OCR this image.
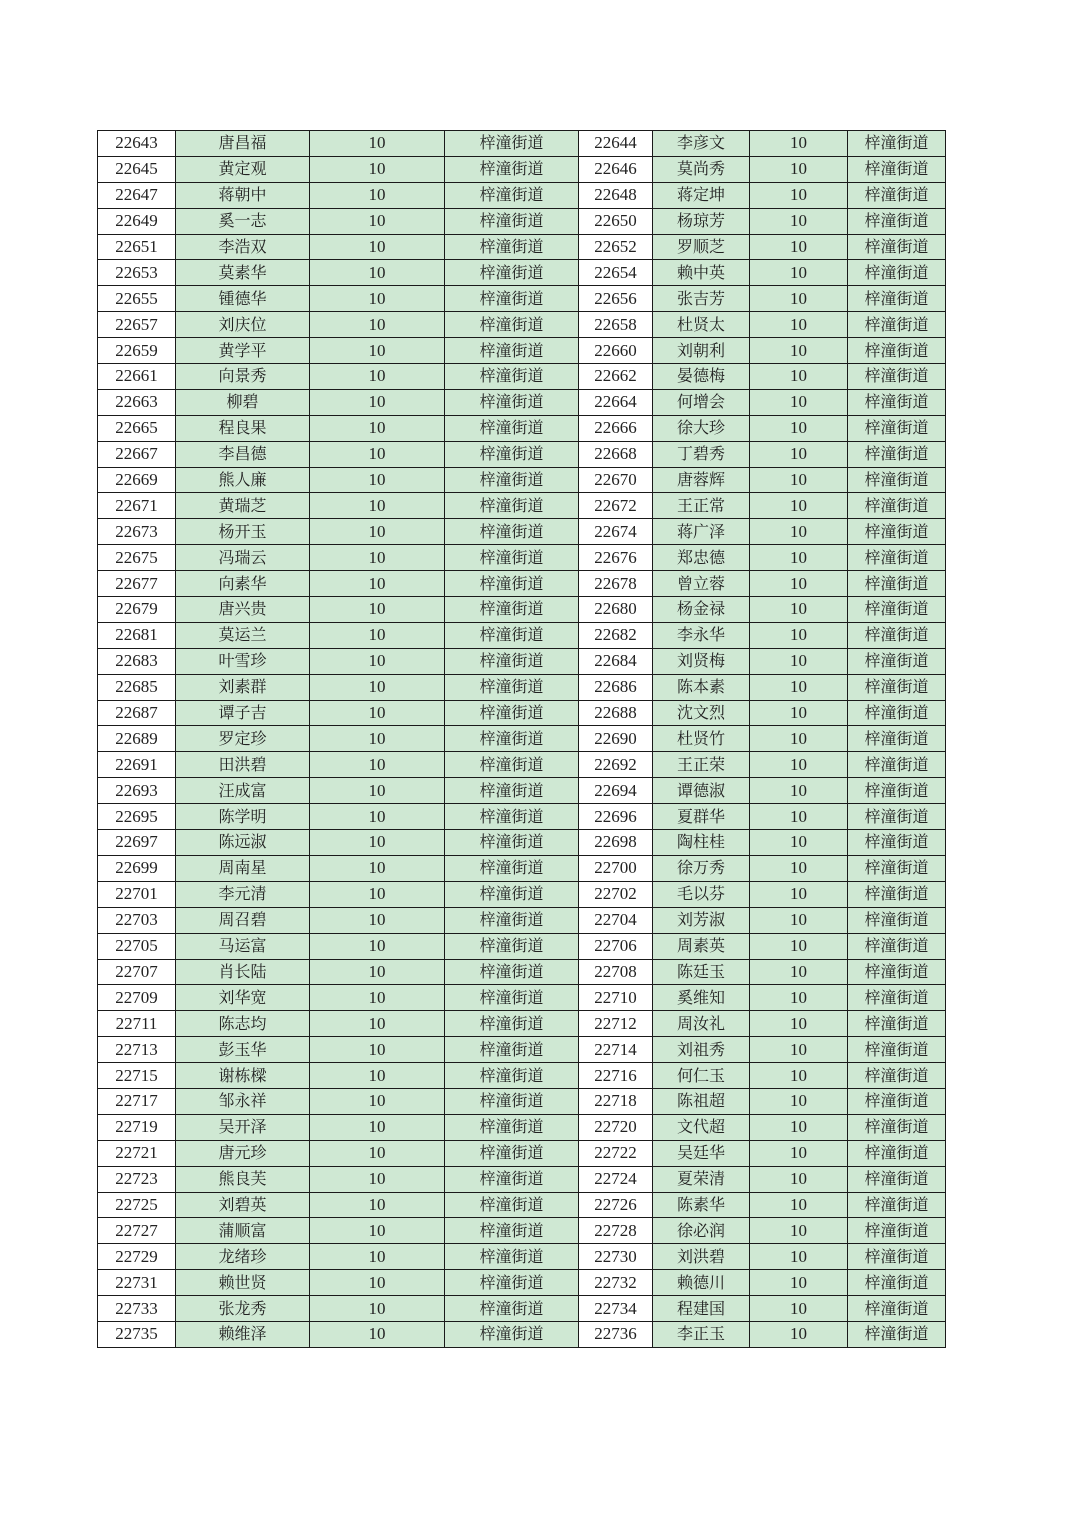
22643	唐昌福	10	梓潼街道	22644	李彦文	10	梓潼街道
22645	黄定观	10	梓潼街道	22646	莫尚秀	10	梓潼街道
22647	蒋朝中	10	梓潼街道	22648	蒋定坤	10	梓潼街道
22649	奚一志	10	梓潼街道	22650	杨琼芳	10	梓潼街道
22651	李浩双	10	梓潼街道	22652	罗顺芝	10	梓潼街道
22653	莫素华	10	梓潼街道	22654	赖中英	10	梓潼街道
22655	锺德华	10	梓潼街道	22656	张吉芳	10	梓潼街道
22657	刘庆位	10	梓潼街道	22658	杜贤太	10	梓潼街道
22659	黄学平	10	梓潼街道	22660	刘朝利	10	梓潼街道
22661	向景秀	10	梓潼街道	22662	晏德梅	10	梓潼街道
22663	柳碧	10	梓潼街道	22664	何增会	10	梓潼街道
22665	程良果	10	梓潼街道	22666	徐大珍	10	梓潼街道
22667	李昌德	10	梓潼街道	22668	丁碧秀	10	梓潼街道
22669	熊人廉	10	梓潼街道	22670	唐蓉辉	10	梓潼街道
22671	黄瑞芝	10	梓潼街道	22672	王正常	10	梓潼街道
22673	杨开玉	10	梓潼街道	22674	蒋广泽	10	梓潼街道
22675	冯瑞云	10	梓潼街道	22676	郑忠德	10	梓潼街道
22677	向素华	10	梓潼街道	22678	曾立蓉	10	梓潼街道
22679	唐兴贵	10	梓潼街道	22680	杨金禄	10	梓潼街道
22681	莫运兰	10	梓潼街道	22682	李永华	10	梓潼街道
22683	叶雪珍	10	梓潼街道	22684	刘贤梅	10	梓潼街道
22685	刘素群	10	梓潼街道	22686	陈本素	10	梓潼街道
22687	谭子吉	10	梓潼街道	22688	沈文烈	10	梓潼街道
22689	罗定珍	10	梓潼街道	22690	杜贤竹	10	梓潼街道
22691	田洪碧	10	梓潼街道	22692	王正荣	10	梓潼街道
22693	汪成富	10	梓潼街道	22694	谭德淑	10	梓潼街道
22695	陈学明	10	梓潼街道	22696	夏群华	10	梓潼街道
22697	陈远淑	10	梓潼街道	22698	陶柱桂	10	梓潼街道
22699	周南星	10	梓潼街道	22700	徐万秀	10	梓潼街道
22701	李元清	10	梓潼街道	22702	毛以芬	10	梓潼街道
22703	周召碧	10	梓潼街道	22704	刘芳淑	10	梓潼街道
22705	马运富	10	梓潼街道	22706	周素英	10	梓潼街道
22707	肖长陆	10	梓潼街道	22708	陈廷玉	10	梓潼街道
22709	刘华宽	10	梓潼街道	22710	奚维知	10	梓潼街道
22711	陈志均	10	梓潼街道	22712	周汝礼	10	梓潼街道
22713	彭玉华	10	梓潼街道	22714	刘祖秀	10	梓潼街道
22715	谢栋樑	10	梓潼街道	22716	何仁玉	10	梓潼街道
22717	邹永祥	10	梓潼街道	22718	陈祖超	10	梓潼街道
22719	吴开泽	10	梓潼街道	22720	文代超	10	梓潼街道
22721	唐元珍	10	梓潼街道	22722	吴廷华	10	梓潼街道
22723	熊良芙	10	梓潼街道	22724	夏荣清	10	梓潼街道
22725	刘碧英	10	梓潼街道	22726	陈素华	10	梓潼街道
22727	蒲顺富	10	梓潼街道	22728	徐必润	10	梓潼街道
22729	龙绪珍	10	梓潼街道	22730	刘洪碧	10	梓潼街道
22731	赖世贤	10	梓潼街道	22732	赖德川	10	梓潼街道
22733	张龙秀	10	梓潼街道	22734	程建国	10	梓潼街道
22735	赖维泽	10	梓潼街道	22736	李正玉	10	梓潼街道
